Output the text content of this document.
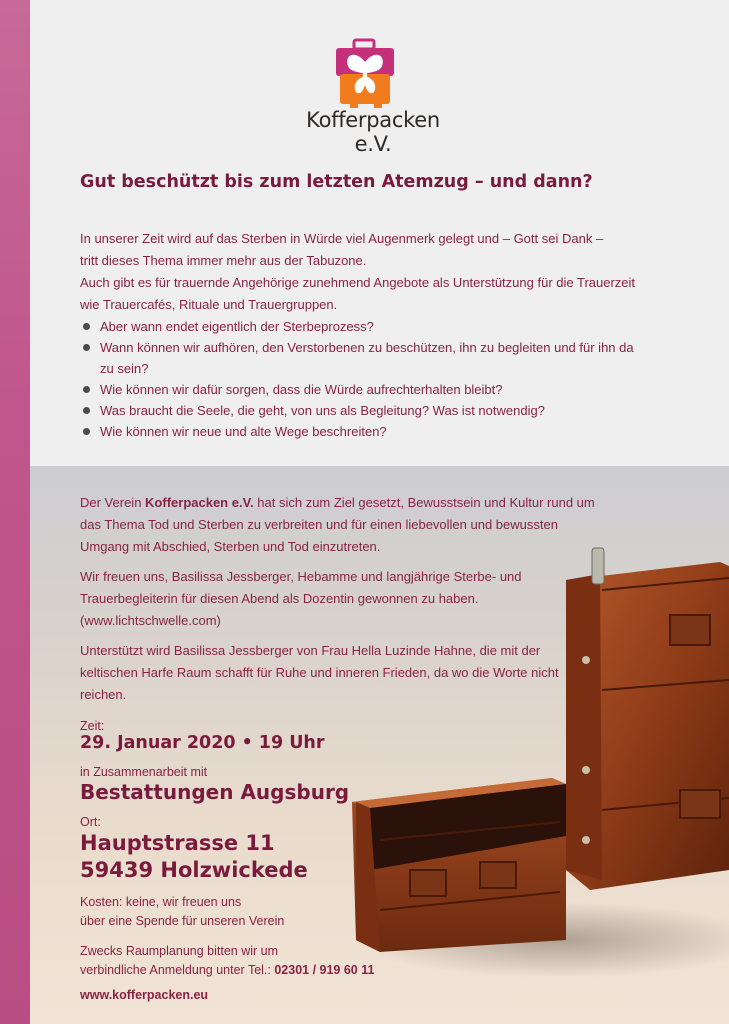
Kofferpacken e.V.
Gut beschützt bis zum letzten Atemzug – und dann?

In unserer Zeit wird auf das Sterben in Würde viel Augenmerk gelegt und – Gott sei Dank –

tritt dieses Thema immer mehr aus der Tabuzone.

Auch gibt es für trauernde Angehörige zunehmend Angebote als Unterstützung für die Trauerzeit

wie Trauercafés, Rituale und Trauergruppen.

Aber wann endet eigentlich der Sterbeprozess?
Wann können wir aufhören, den Verstorbenen zu beschützen, ihn zu begleiten und für ihn da zu sein?
Wie können wir dafür sorgen, dass die Würde aufrechterhalten bleibt?
Was braucht die Seele, die geht, von uns als Begleitung? Was ist notwendig?
Wie können wir neue und alte Wege beschreiten?

Der Verein Kofferpacken e.V. hat sich zum Ziel gesetzt, Bewusstsein und Kultur rund um das Thema Tod und Sterben zu verbreiten und für einen liebevollen und bewussten Umgang mit Abschied, Sterben und Tod einzutreten.

Wir freuen uns, Basilissa Jessberger, Hebamme und langjährige Sterbe- und Trauerbegleiterin für diesen Abend als Dozentin gewonnen zu haben.
(www.lichtschwelle.com)

Unterstützt wird Basilissa Jessberger von Frau Hella Luzinde Hahne, die mit der keltischen Harfe Raum schafft für Ruhe und inneren Frieden, da wo die Worte nicht reichen.

Zeit:
29. Januar 2020 • 19 Uhr
in Zusammenarbeit mit
Bestattungen Augsburg
Ort:
Hauptstrasse 11
59439 Holzwickede
Kosten: keine, wir freuen uns
über eine Spende für unseren Verein
Zwecks Raumplanung bitten wir um
verbindliche Anmeldung unter Tel.: 02301 / 919 60 11
www.kofferpacken.eu
